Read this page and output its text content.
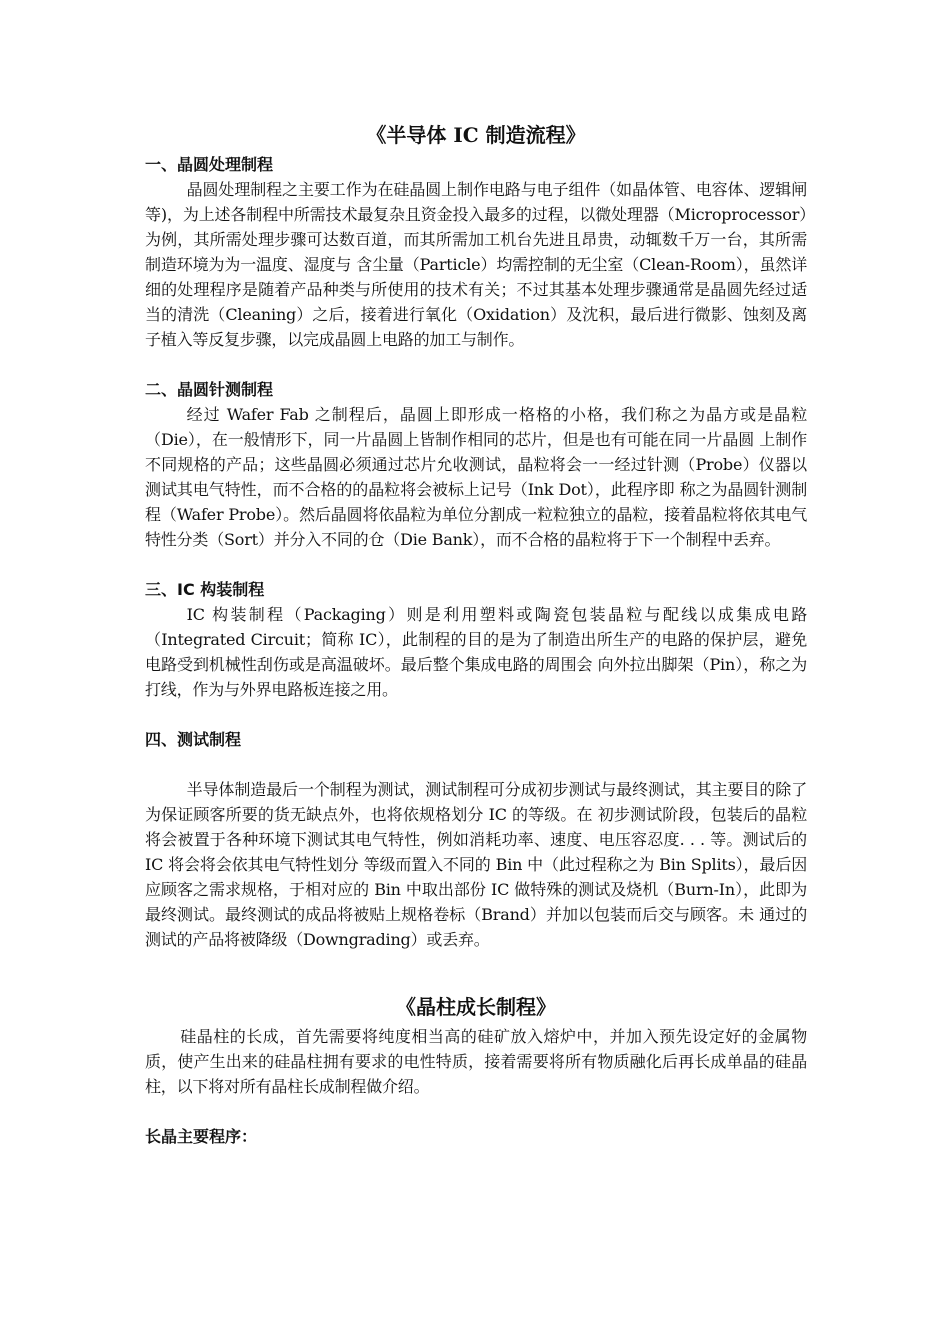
《半导体 IC 制造流程》
一、晶圆处理制程

晶圆处理制程之主要工作为在硅晶圆上制作电路与电子组件（如晶体管、电容体、逻辑闸等)，为上述各制程中所需技术最复杂且资金投入最多的过程，以微处理器（Microprocessor）为例，其所需处理步骤可达数百道，而其所需加工机台先进且昂贵，动辄数千万一台，其所需制造环境为为一温度、湿度与 含尘量（Particle）均需控制的无尘室（Clean-Room），虽然详细的处理程序是随着产品种类与所使用的技术有关；不过其基本处理步骤通常是晶圆先经过适 当的清洗（Cleaning）之后，接着进行氧化（Oxidation）及沈积，最后进行微影、蚀刻及离子植入等反复步骤，以完成晶圆上电路的加工与制作。

二、晶圆针测制程

经过 Wafer Fab 之制程后，晶圆上即形成一格格的小格，我们称之为晶方或是晶粒（Die），在一般情形下，同一片晶圆上皆制作相同的芯片，但是也有可能在同一片晶圆 上制作不同规格的产品；这些晶圆必须通过芯片允收测试，晶粒将会一一经过针测（Probe）仪器以测试其电气特性，而不合格的的晶粒将会被标上记号（Ink Dot），此程序即 称之为晶圆针测制程（Wafer Probe）。然后晶圆将依晶粒为单位分割成一粒粒独立的晶粒，接着晶粒将依其电气特性分类（Sort）并分入不同的仓（Die Bank），而不合格的晶粒将于下一个制程中丢弃。

三、IC 构装制程

IC 构装制程（Packaging）则是利用塑料或陶瓷包装晶粒与配线以成集成电路（Integrated Circuit；简称 IC），此制程的目的是为了制造出所生产的电路的保护层，避免电路受到机械性刮伤或是高温破坏。最后整个集成电路的周围会 向外拉出脚架（Pin），称之为打线，作为与外界电路板连接之用。

四、测试制程

半导体制造最后一个制程为测试，测试制程可分成初步测试与最终测试，其主要目的除了为保证顾客所要的货无缺点外，也将依规格划分 IC 的等级。在 初步测试阶段，包装后的晶粒将会被置于各种环境下测试其电气特性，例如消耗功率、速度、电压容忍度. . . 等。测试后的 IC 将会将会依其电气特性划分 等级而置入不同的 Bin 中（此过程称之为 Bin Splits），最后因应顾客之需求规格，于相对应的 Bin 中取出部份 IC 做特殊的测试及烧机（Burn-In），此即为最终测试。最终测试的成品将被贴上规格卷标（Brand）并加以包装而后交与顾客。未 通过的测试的产品将被降级（Downgrading）或丢弃。

《晶柱成长制程》

硅晶柱的长成，首先需要将纯度相当高的硅矿放入熔炉中，并加入预先设定好的金属物质，使产生出来的硅晶柱拥有要求的电性特质，接着需要将所有物质融化后再长成单晶的硅晶柱，以下将对所有晶柱长成制程做介绍。

长晶主要程序：
